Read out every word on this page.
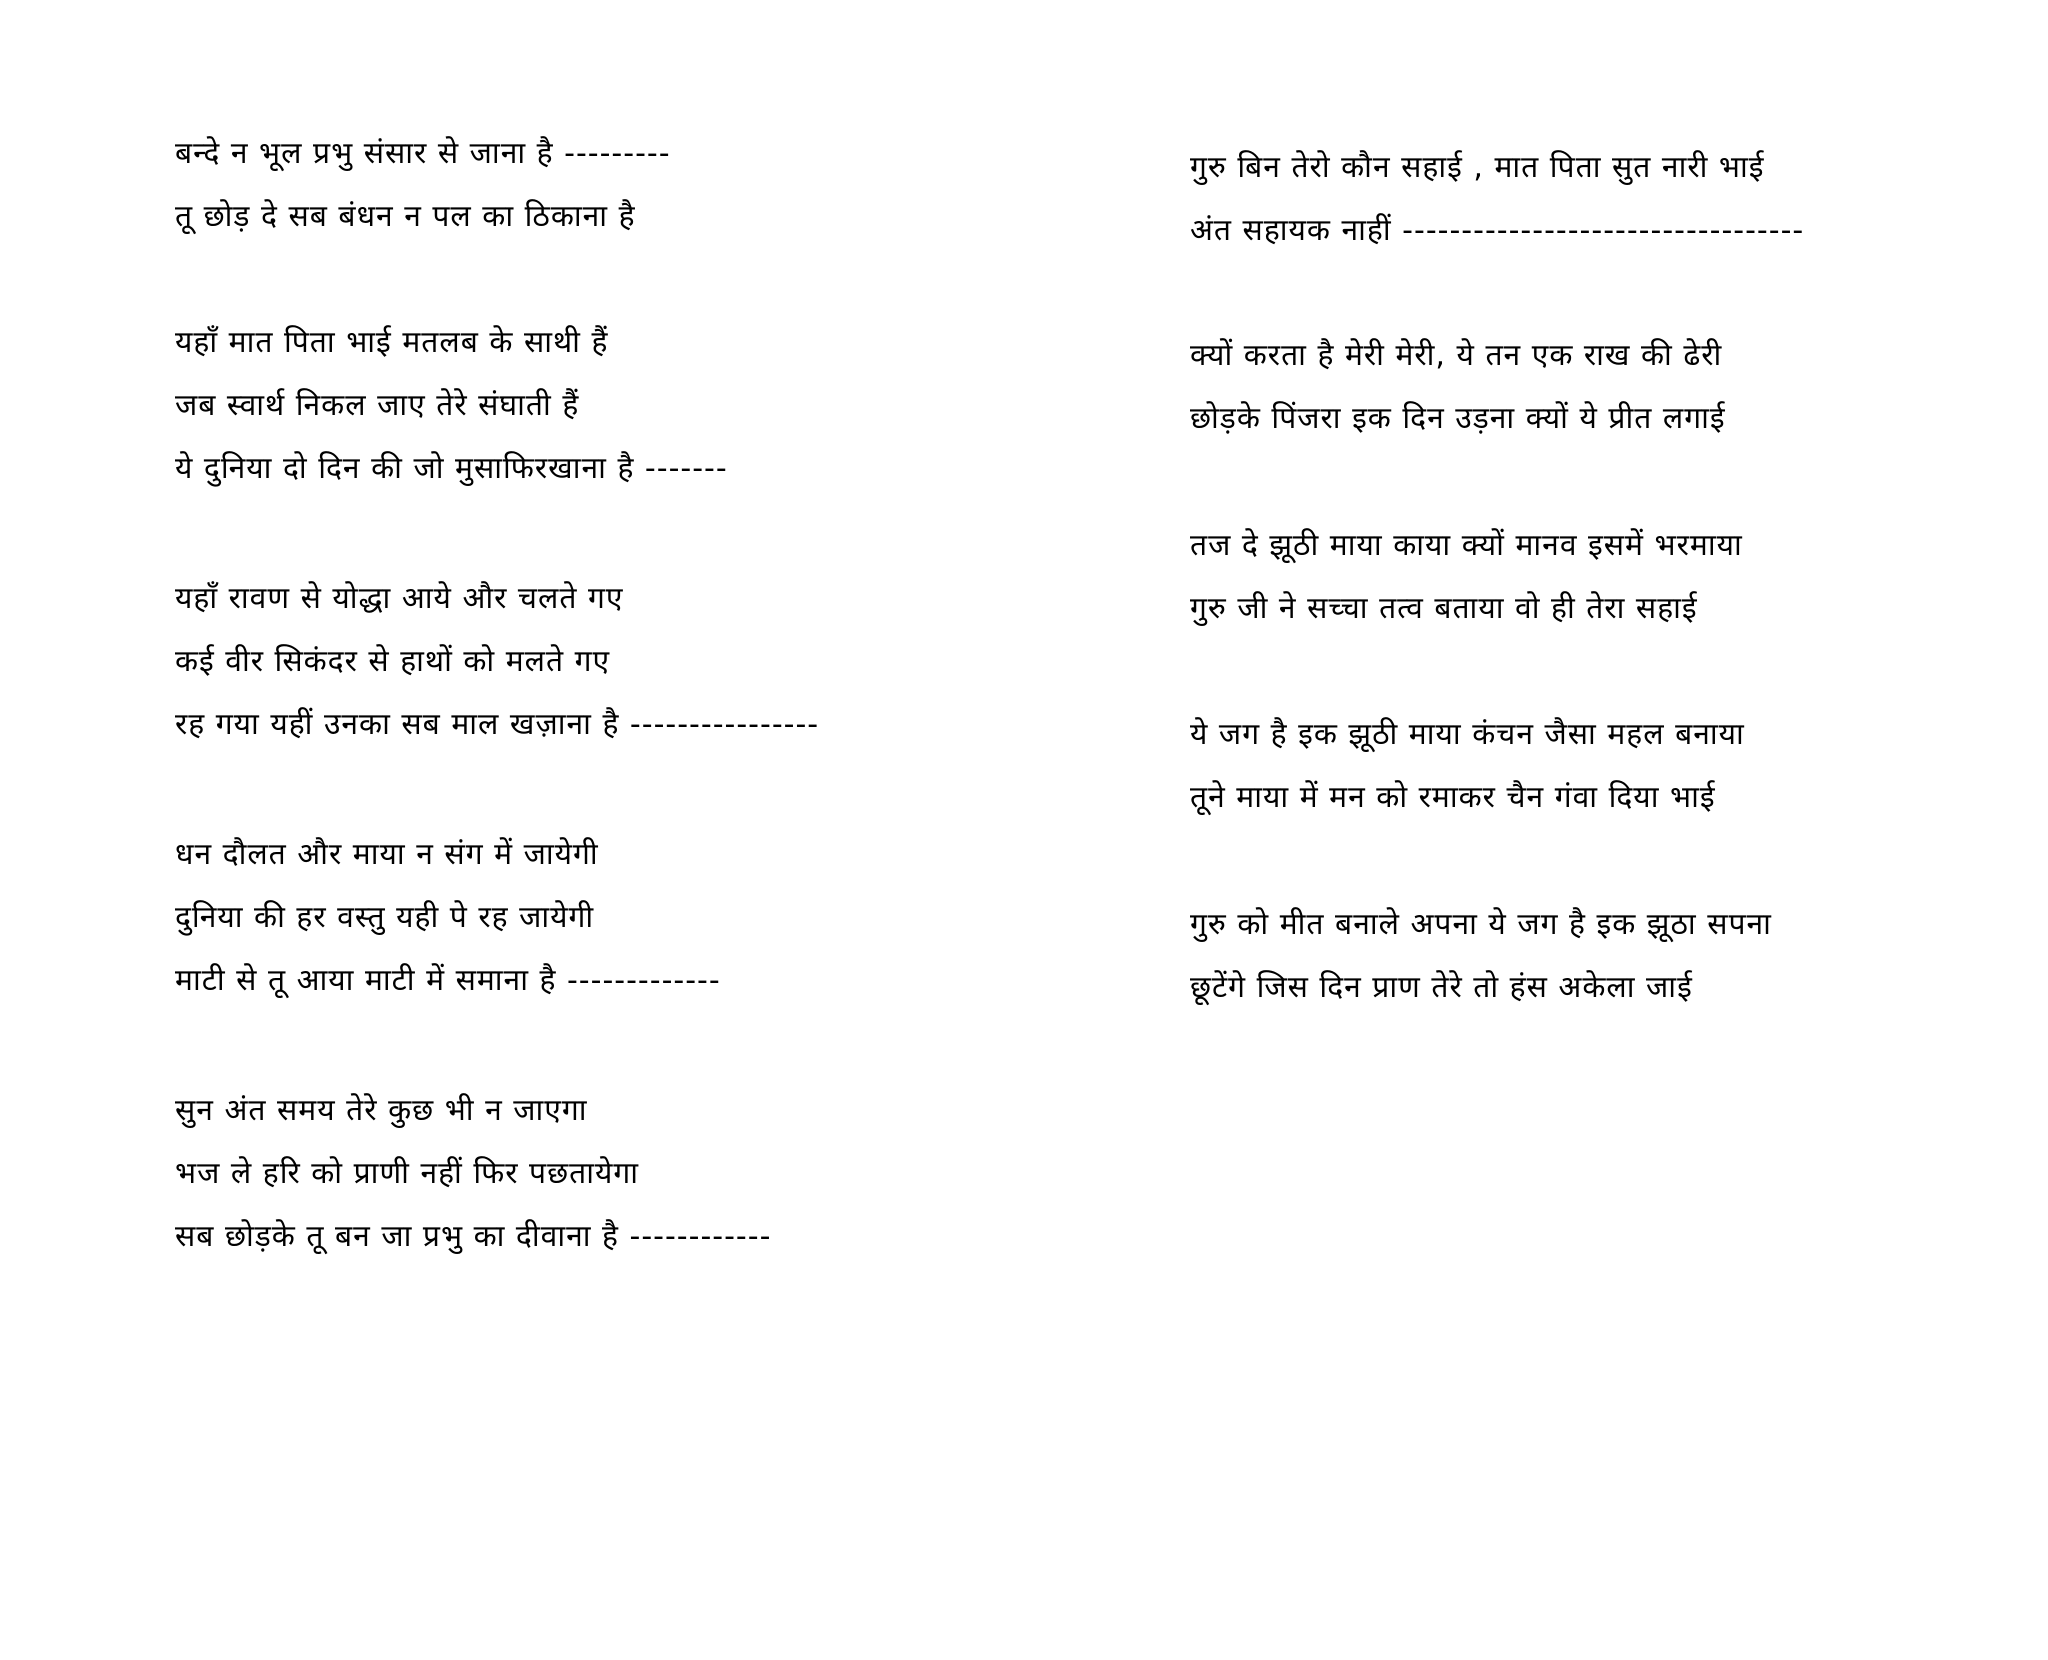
बन्दे न भूल प्रभु संसार से जाना है ---------
तू छोड़ दे सब बंधन न पल का ठिकाना है
यहाँ मात पिता भाई मतलब के साथी हैं
जब स्वार्थ निकल जाए तेरे संघाती हैं
ये दुनिया दो दिन की जो मुसाफिरखाना है -------
यहाँ रावण से योद्धा आये और चलते गए
कई वीर सिकंदर से हाथों को मलते गए
रह गया यहीं उनका सब माल खज़ाना है ----------------
धन दौलत और माया न संग में जायेगी
दुनिया की हर वस्तु यही पे रह जायेगी
माटी से तू आया माटी में समाना है -------------
सुन अंत समय तेरे कुछ भी न जाएगा
भज ले हरि को प्राणी नहीं फिर पछतायेगा
सब छोड़के तू बन जा प्रभु का दीवाना है ------------
गुरु बिन तेरो कौन सहाई , मात पिता सुत नारी भाई
अंत सहायक नाहीं ----------------------------------
क्यों करता है मेरी मेरी, ये तन एक राख की ढेरी
छोड़के पिंजरा इक दिन उड़ना क्यों ये प्रीत लगाई
तज दे झूठी माया काया क्यों मानव इसमें भरमाया
गुरु जी ने सच्चा तत्व बताया वो ही तेरा सहाई
ये जग है इक झूठी माया कंचन जैसा महल बनाया
तूने माया में मन को रमाकर चैन गंवा दिया भाई
गुरु को मीत बनाले अपना ये जग है इक झूठा सपना
छूटेंगे जिस दिन प्राण तेरे तो हंस अकेला जाई
